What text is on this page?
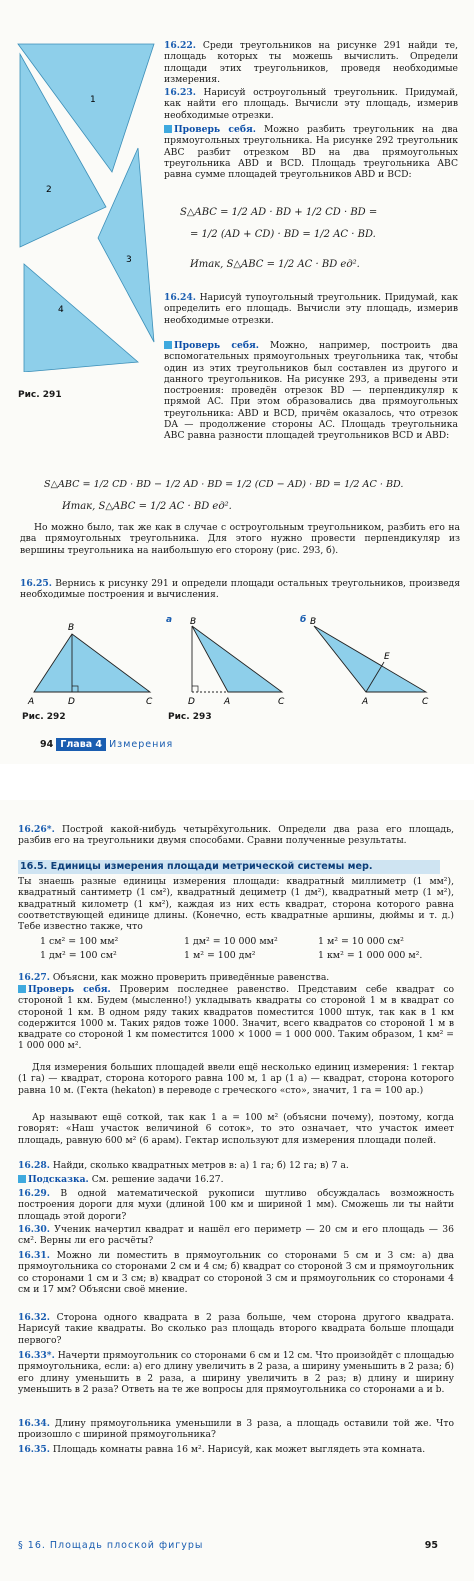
1
2
3
4
Рис. 291

16.22. Среди треугольников на рисунке 291 найди те, площадь которых ты можешь вычислить. Определи площади этих треугольников, проведя необходимые измерения.

16.23. Нарисуй остроугольный треугольник. Придумай, как найти его площадь. Вычисли эту площадь, измерив необходимые отрезки.

Проверь себя. Можно разбить треугольник на два прямоугольных треугольника. На рисунке 292 треугольник ABC разбит отрезком BD на два прямоугольных треугольника ABD и BCD. Площадь треугольника ABC равна сумме площадей треугольников ABD и BCD:

S△ABC = 1/2 AD · BD + 1/2 CD · BD =
= 1/2 (AD + CD) · BD = 1/2 AC · BD.
Итак, S△ABC = 1/2 AC · BD ед².

16.24. Нарисуй тупоугольный треугольник. Придумай, как определить его площадь. Вычисли эту площадь, измерив необходимые отрезки.

Проверь себя. Можно, например, построить два вспомогательных прямоугольных треугольника так, чтобы один из этих треугольников был составлен из другого и данного треугольников. На рисунке 293, а приведены эти построения: проведён отрезок BD — перпендикуляр к прямой AC. При этом образовались два прямоугольных треугольника: ABD и BCD, причём оказалось, что отрезок DA — продолжение стороны AC. Площадь треугольника ABC равна разности площадей треугольников BCD и ABD:

S△ABC = 1/2 CD · BD − 1/2 AD · BD = 1/2 (CD − AD) · BD = 1/2 AC · BD.
Итак, S△ABC = 1/2 AC · BD ед².

Но можно было, так же как в случае с остроугольным треугольником, разбить его на два прямоугольных треугольника. Для этого нужно провести перпендикуляр из вершины треугольника на наибольшую его сторону (рис. 293, б).

16.25. Вернись к рисунку 291 и определи площади остальных треугольников, произведя необходимые построения и вычисления.

B
A	D	C
Рис. 292
а B
D	A	C
б B
E
A	C
Рис. 293
94 Глава 4 Измерения

16.26*. Построй какой-нибудь четырёхугольник. Определи два раза его площадь, разбив его на треугольники двумя способами. Сравни полученные результаты.

16.5. Единицы измерения площади метрической системы мер.

Ты знаешь разные единицы измерения площади: квадратный миллиметр (1 мм²), квадратный сантиметр (1 см²), квадратный дециметр (1 дм²), квадратный метр (1 м²), квадратный километр (1 км²), каждая из них есть квадрат, сторона которого равна соответствующей единице длины. (Конечно, есть квадратные аршины, дюймы и т. д.) Тебе известно также, что

1 см² = 100 мм²	1 дм² = 10 000 мм²	1 м² = 10 000 см²
1 дм² = 100 см²	1 м² = 100 дм²	1 км² = 1 000 000 м².

16.27. Объясни, как можно проверить приведённые равенства.

Проверь себя. Проверим последнее равенство. Представим себе квадрат со стороной 1 км. Будем (мысленно!) укладывать квадраты со стороной 1 м в квадрат со стороной 1 км. В одном ряду таких квадратов поместится 1000 штук, так как в 1 км содержится 1000 м. Таких рядов тоже 1000. Значит, всего квадратов со стороной 1 м в квадрате со стороной 1 км поместится 1000 × 1000 = 1 000 000. Таким образом, 1 км² = 1 000 000 м².

Для измерения больших площадей ввели ещё несколько единиц измерения: 1 гектар (1 га) — квадрат, сторона которого равна 100 м, 1 ар (1 а) — квадрат, сторона которого равна 10 м. (Гекта (hekaton) в переводе с греческого «сто», значит, 1 га = 100 ар.)

Ар называют ещё соткой, так как 1 а = 100 м² (объясни почему), поэтому, когда говорят: «Наш участок величиной 6 соток», то это означает, что участок имеет площадь, равную 600 м² (6 арам). Гектар используют для измерения площади полей.

16.28. Найди, сколько квадратных метров в: а) 1 га; б) 12 га; в) 7 а.

Подсказка. См. решение задачи 16.27.

16.29. В одной математической рукописи шутливо обсуждалась возможность построения дороги для мухи (длиной 100 км и шириной 1 мм). Сможешь ли ты найти площадь этой дороги?

16.30. Ученик начертил квадрат и нашёл его периметр — 20 см и его площадь — 36 см². Верны ли его расчёты?

16.31. Можно ли поместить в прямоугольник со сторонами 5 см и 3 см: а) два прямоугольника со сторонами 2 см и 4 см; б) квадрат со стороной 3 см и прямоугольник со сторонами 1 см и 3 см; в) квадрат со стороной 3 см и прямоугольник со сторонами 4 см и 17 мм? Объясни своё мнение.

16.32. Сторона одного квадрата в 2 раза больше, чем сторона другого квадрата. Нарисуй такие квадраты. Во сколько раз площадь второго квадрата больше площади первого?

16.33*. Начерти прямоугольник со сторонами 6 см и 12 см. Что произойдёт с площадью прямоугольника, если: а) его длину увеличить в 2 раза, а ширину уменьшить в 2 раза; б) его длину уменьшить в 2 раза, а ширину увеличить в 2 раз; в) длину и ширину уменьшить в 2 раза? Ответь на те же вопросы для прямоугольника со сторонами a и b.

16.34. Длину прямоугольника уменьшили в 3 раза, а площадь оставили той же. Что произошло с шириной прямоугольника?

16.35. Площадь комнаты равна 16 м². Нарисуй, как может выглядеть эта комната.

§ 16. Площадь плоской фигуры	95
